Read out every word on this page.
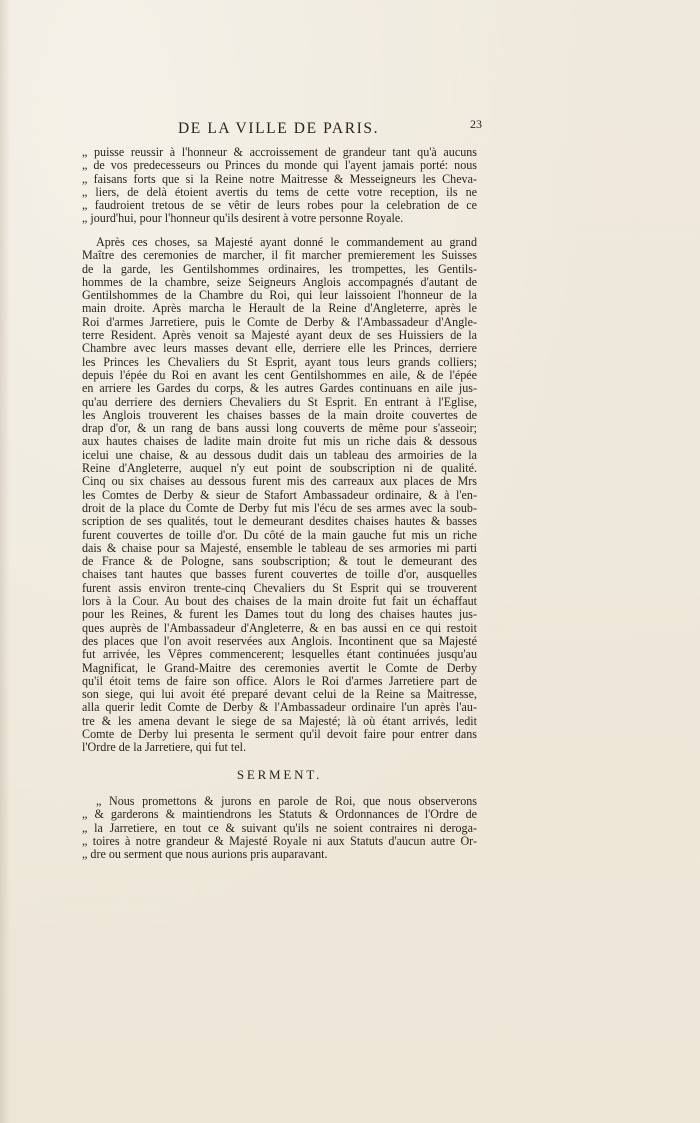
DE LA VILLE DE PARIS.	23
„ puisse reussir à l'honneur & accroissement de grandeur tant qu'à aucuns
„ de vos predecesseurs ou Princes du monde qui l'ayent jamais porté: nous
„ faisans forts que si la Reine notre Maitresse & Messeigneurs les Cheva-
„ liers, de delà étoient avertis du tems de cette votre reception, ils ne
„ faudroient tretous de se vêtir de leurs robes pour la celebration de ce
„ jourd'hui, pour l'honneur qu'ils desirent à votre personne Royale.
Après ces choses, sa Majesté ayant donné le commandement au grand
Maître des ceremonies de marcher, il fit marcher premierement les Suisses
de la garde, les Gentilshommes ordinaires, les trompettes, les Gentils-
hommes de la chambre, seize Seigneurs Anglois accompagnés d'autant de
Gentilshommes de la Chambre du Roi, qui leur laissoient l'honneur de la
main droite. Après marcha le Herault de la Reine d'Angleterre, après le
Roi d'armes Jarretiere, puis le Comte de Derby & l'Ambassadeur d'Angle-
terre Resident. Après venoit sa Majesté ayant deux de ses Huissiers de la
Chambre avec leurs masses devant elle, derriere elle les Princes, derriere
les Princes les Chevaliers du St Esprit, ayant tous leurs grands colliers;
depuis l'épée du Roi en avant les cent Gentilshommes en aile, & de l'épée
en arriere les Gardes du corps, & les autres Gardes continuans en aile jus-
qu'au derriere des derniers Chevaliers du St Esprit. En entrant à l'Eglise,
les Anglois trouverent les chaises basses de la main droite couvertes de
drap d'or, & un rang de bans aussi long couverts de même pour s'asseoir;
aux hautes chaises de ladite main droite fut mis un riche dais & dessous
icelui une chaise, & au dessous dudit dais un tableau des armoiries de la
Reine d'Angleterre, auquel n'y eut point de soubscription ni de qualité.
Cinq ou six chaises au dessous furent mis des carreaux aux places de Mrs
les Comtes de Derby & sieur de Stafort Ambassadeur ordinaire, & à l'en-
droit de la place du Comte de Derby fut mis l'écu de ses armes avec la soub-
scription de ses qualités, tout le demeurant desdites chaises hautes & basses
furent couvertes de toille d'or. Du côté de la main gauche fut mis un riche
dais & chaise pour sa Majesté, ensemble le tableau de ses armories mi parti
de France & de Pologne, sans soubscription; & tout le demeurant des
chaises tant hautes que basses furent couvertes de toille d'or, ausquelles
furent assis environ trente-cinq Chevaliers du St Esprit qui se trouverent
lors à la Cour. Au bout des chaises de la main droite fut fait un échaffaut
pour les Reines, & furent les Dames tout du long des chaises hautes jus-
ques auprès de l'Ambassadeur d'Angleterre, & en bas aussi en ce qui restoit
des places que l'on avoit reservées aux Anglois. Incontinent que sa Majesté
fut arrivée, les Vêpres commencerent; lesquelles étant continuées jusqu'au
Magnificat, le Grand-Maitre des ceremonies avertit le Comte de Derby
qu'il étoit tems de faire son office. Alors le Roi d'armes Jarretiere part de
son siege, qui lui avoit été preparé devant celui de la Reine sa Maitresse,
alla querir ledit Comte de Derby & l'Ambassadeur ordinaire l'un après l'au-
tre & les amena devant le siege de sa Majesté; là où étant arrivés, ledit
Comte de Derby lui presenta le serment qu'il devoit faire pour entrer dans
l'Ordre de la Jarretiere, qui fut tel.
SERMENT.
„ Nous promettons & jurons en parole de Roi, que nous observerons
„ & garderons & maintiendrons les Statuts & Ordonnances de l'Ordre de
„ la Jarretiere, en tout ce & suivant qu'ils ne soient contraires ni deroga-
„ toires à notre grandeur & Majesté Royale ni aux Statuts d'aucun autre Or-
„ dre ou serment que nous aurions pris auparavant.
